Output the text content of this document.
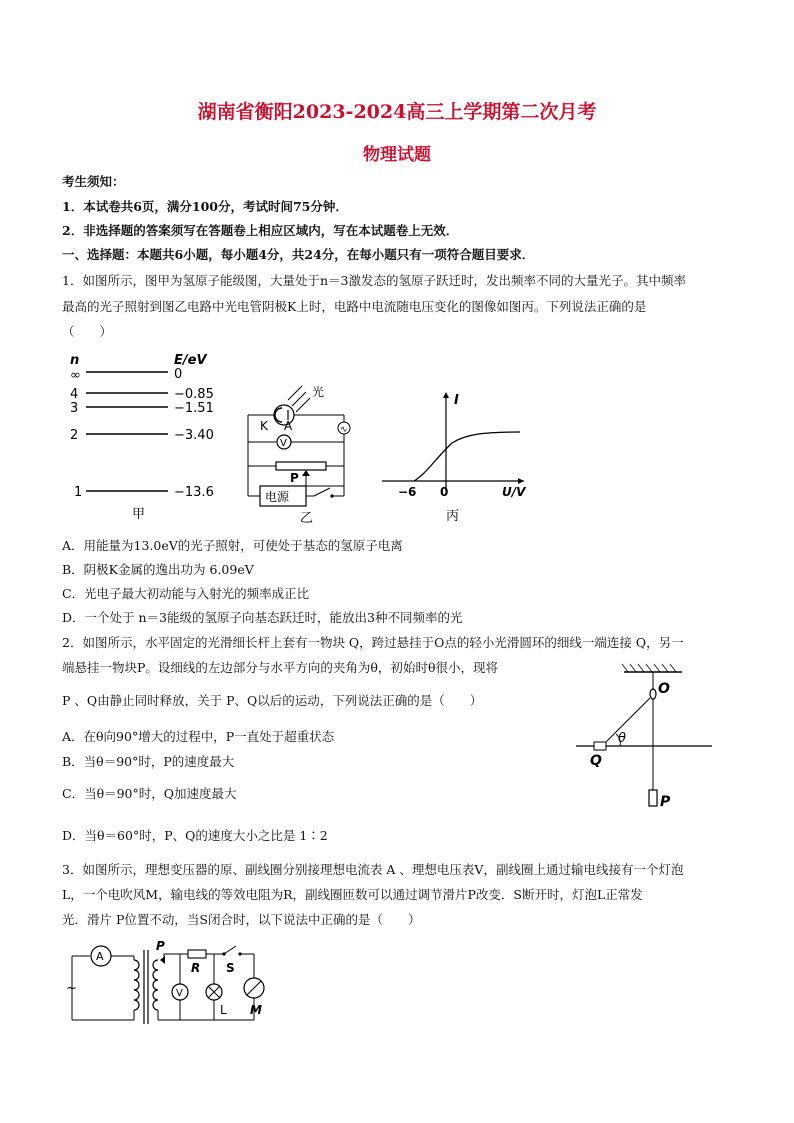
湖南省衡阳2023-2024高三上学期第二次月考
物理试题
考生须知：
1．本试卷共6页，满分100分，考试时间75分钟．
2．非选择题的答案须写在答题卷上相应区域内，写在本试题卷上无效．
一、选择题：本题共6小题，每小题4分，共24分，在每小题只有一项符合题目要求．
1．如图所示，图甲为氢原子能级图，大量处于n＝3激发态的氢原子跃迁时，发出频率不同的大量光子。其中频率
最高的光子照射到图乙电路中光电管阴极K上时，电路中电流随电压变化的图像如图丙。下列说法正确的是
（　　）
n	E/eV
∞	0
4	−0.85
3	−1.51
2	−3.40
1	−13.6
甲
光
∿
K A
V
P
电源
乙
I
−6 0	U/V
丙
A．用能量为13.0eV的光子照射，可使处于基态的氢原子电离
B．阴极K金属的逸出功为 6.09eV
C．光电子最大初动能与入射光的频率成正比
D．一个处于 n＝3能级的氢原子向基态跃迁时，能放出3种不同频率的光
2．如图所示，水平固定的光滑细长杆上套有一物块 Q，跨过悬挂于O点的轻小光滑圆环的细线一端连接 Q，另一
端悬挂一物块P。设细线的左边部分与水平方向的夹角为θ，初始时θ很小，现将
P 、Q由静止同时释放，关于 P、Q以后的运动，下列说法正确的是（　　）
O
θ
Q
P
A．在θ向90°增大的过程中，P一直处于超重状态
B．当θ＝90°时，P的速度最大
C．当θ＝90°时，Q加速度最大
D．当θ＝60°时，P、Q的速度大小之比是 1∶2
3．如图所示，理想变压器的原、副线圈分别接理想电流表 A 、理想电压表V，副线圈上通过输电线接有一个灯泡
L，一个电吹风M，输电线的等效电阻为R，副线圈匝数可以通过调节滑片P改变．S断开时，灯泡L正常发
光．滑片 P位置不动，当S闭合时，以下说法中正确的是（　　）
A
~
P
R S
V
L M
